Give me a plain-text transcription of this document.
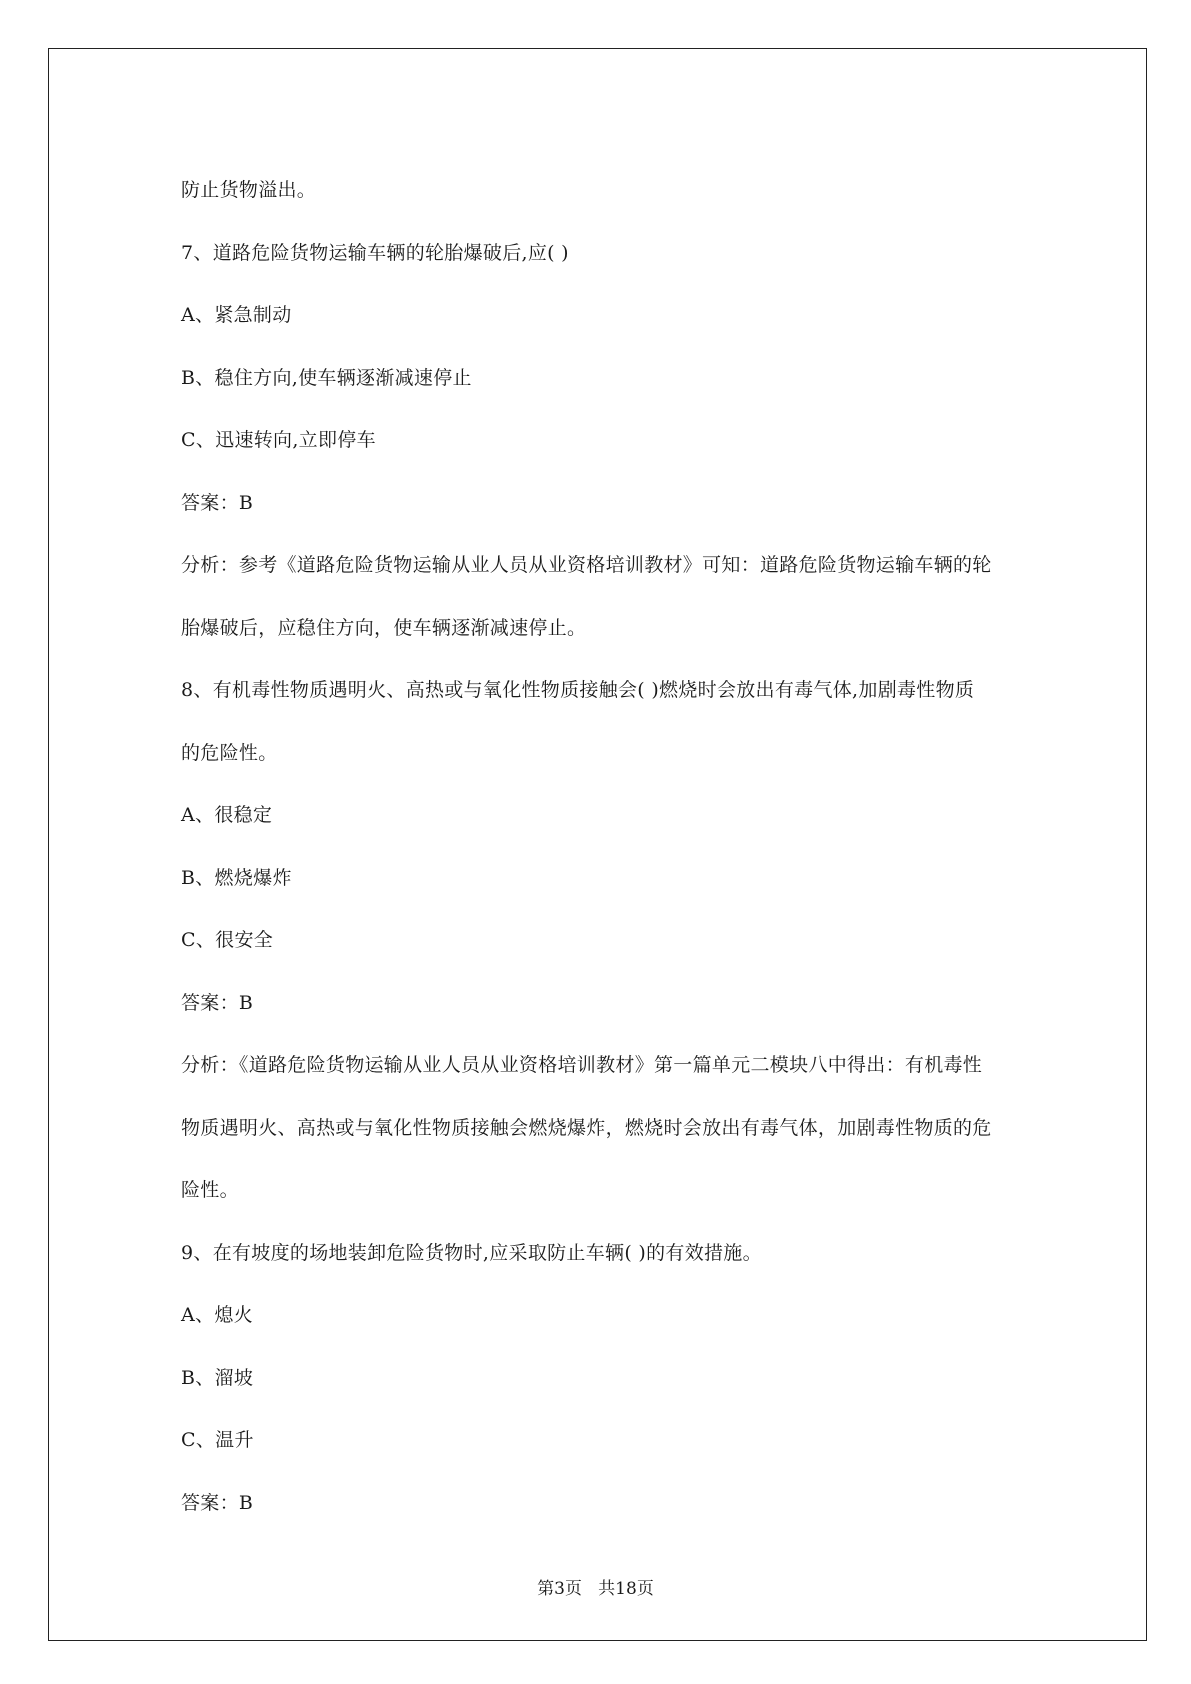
防止货物溢出。
7、道路危险货物运输车辆的轮胎爆破后,应( )
A、紧急制动
B、稳住方向,使车辆逐渐减速停止
C、迅速转向,立即停车
答案：B
分析：参考《道路危险货物运输从业人员从业资格培训教材》可知：道路危险货物运输车辆的轮
胎爆破后，应稳住方向，使车辆逐渐减速停止。
8、有机毒性物质遇明火、高热或与氧化性物质接触会( )燃烧时会放出有毒气体,加剧毒性物质
的危险性。
A、很稳定
B、燃烧爆炸
C、很安全
答案：B
分析：《道路危险货物运输从业人员从业资格培训教材》第一篇单元二模块八中得出：有机毒性
物质遇明火、高热或与氧化性物质接触会燃烧爆炸，燃烧时会放出有毒气体，加剧毒性物质的危
险性。
9、在有坡度的场地装卸危险货物时,应采取防止车辆( )的有效措施。
A、熄火
B、溜坡
C、温升
答案：B
第3页   共18页
